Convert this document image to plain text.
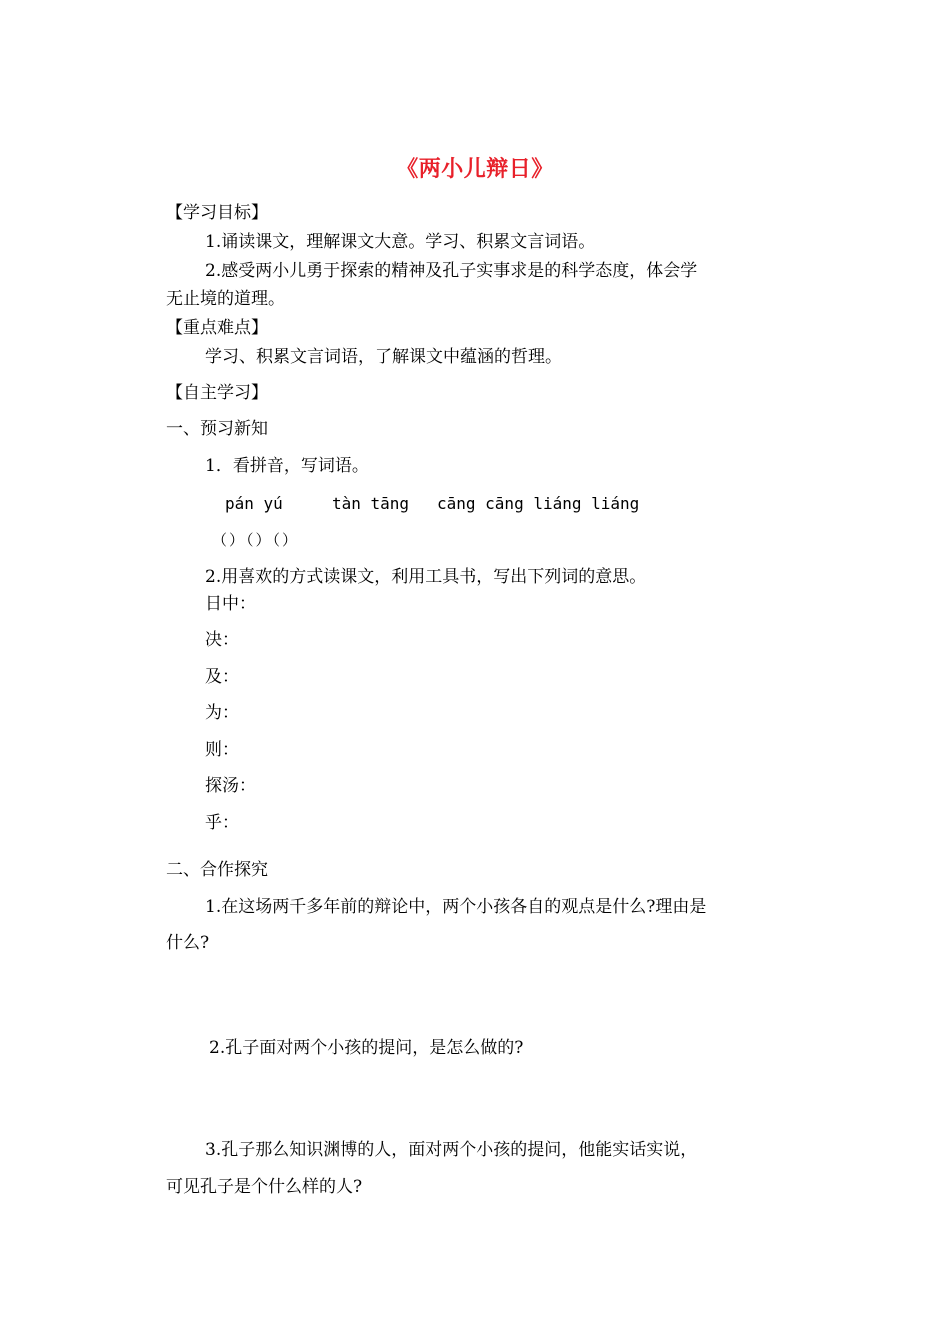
《两小儿辩日》
【学习目标】
1.诵读课文，理解课文大意。学习、积累文言词语。
2.感受两小儿勇于探索的精神及孔子实事求是的科学态度，体会学
无止境的道理。
【重点难点】
学习、积累文言词语，了解课文中蕴涵的哲理。
【自主学习】
一、预习新知
1．看拼音，写词语。
pán yú	tàn tāng cāng cāng liáng liáng
（）（）（）
2.用喜欢的方式读课文，利用工具书，写出下列词的意思。
日中：
决：
及：
为：
则：
探汤：
乎：
二、合作探究
1.在这场两千多年前的辩论中，两个小孩各自的观点是什么?理由是
什么?
2.孔子面对两个小孩的提问，是怎么做的?
3.孔子那么知识渊博的人，面对两个小孩的提问，他能实话实说，
可见孔子是个什么样的人?
